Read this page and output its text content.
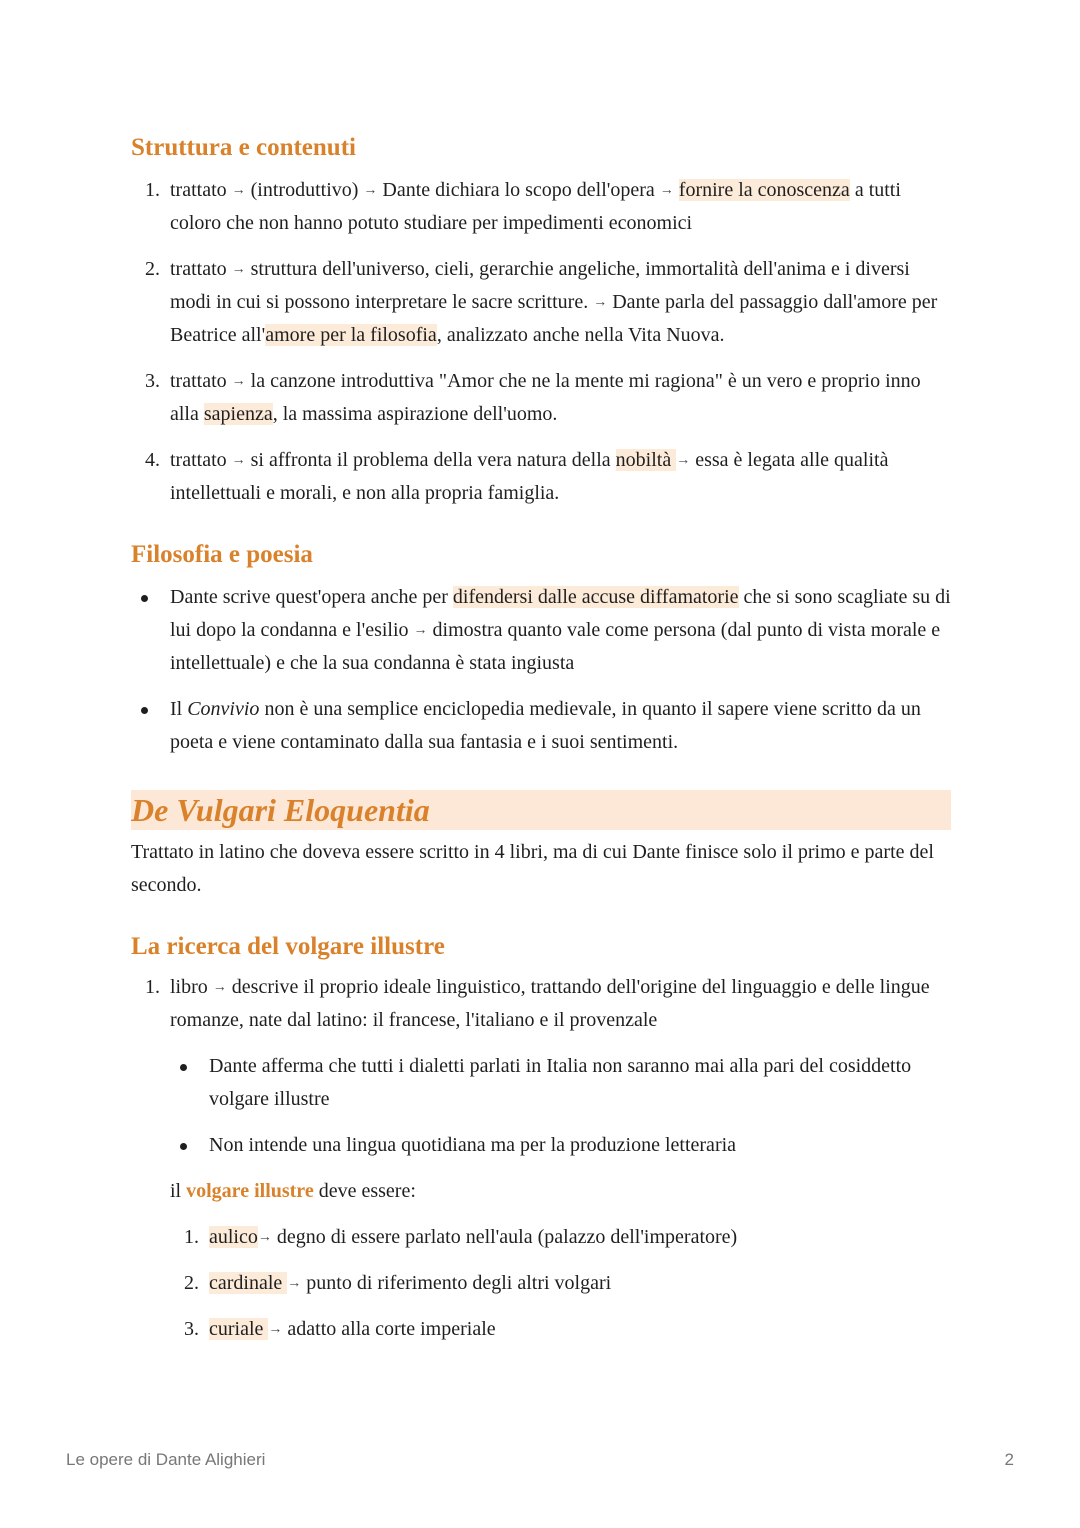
Struttura e contenuti
1. trattato → (introduttivo) → Dante dichiara lo scopo dell'opera → fornire la conoscenza a tutti coloro che non hanno potuto studiare per impedimenti economici
2. trattato → struttura dell'universo, cieli, gerarchie angeliche, immortalità dell'anima e i diversi modi in cui si possono interpretare le sacre scritture. → Dante parla del passaggio dall'amore per Beatrice all'amore per la filosofia, analizzato anche nella Vita Nuova.
3. trattato → la canzone introduttiva "Amor che ne la mente mi ragiona" è un vero e proprio inno alla sapienza, la massima aspirazione dell'uomo.
4. trattato → si affronta il problema della vera natura della nobiltà → essa è legata alle qualità intellettuali e morali, e non alla propria famiglia.
Filosofia e poesia
Dante scrive quest'opera anche per difendersi dalle accuse diffamatorie che si sono scagliate su di lui dopo la condanna e l'esilio → dimostra quanto vale come persona (dal punto di vista morale e intellettuale) e che la sua condanna è stata ingiusta
Il Convivio non è una semplice enciclopedia medievale, in quanto il sapere viene scritto da un poeta e viene contaminato dalla sua fantasia e i suoi sentimenti.
De Vulgari Eloquentia

Trattato in latino che doveva essere scritto in 4 libri, ma di cui Dante finisce solo il primo e parte del secondo.

La ricerca del volgare illustre
1. libro → descrive il proprio ideale linguistico, trattando dell'origine del linguaggio e delle lingue romanze, nate dal latino: il francese, l'italiano e il provenzale
Dante afferma che tutti i dialetti parlati in Italia non saranno mai alla pari del cosiddetto volgare illustre
Non intende una lingua quotidiana ma per la produzione letteraria

il volgare illustre deve essere:

1. aulico→ degno di essere parlato nell'aula (palazzo dell'imperatore)
2. cardinale → punto di riferimento degli altri volgari
3. curiale → adatto alla corte imperiale
Le opere di Dante Alighieri	2
